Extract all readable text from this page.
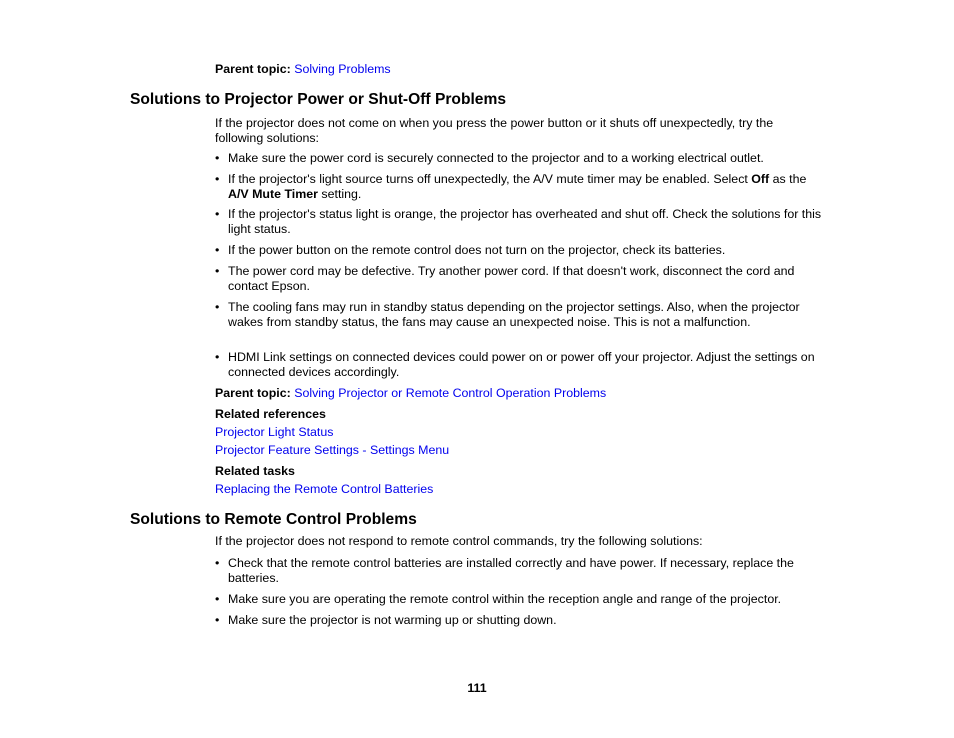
Parent topic: Solving Problems
Solutions to Projector Power or Shut-Off Problems

If the projector does not come on when you press the power button or it shuts off unexpectedly, try the following solutions:

• Make sure the power cord is securely connected to the projector and to a working electrical outlet.
• If the projector's light source turns off unexpectedly, the A/V mute timer may be enabled. Select Off as the A/V Mute Timer setting.
• If the projector's status light is orange, the projector has overheated and shut off. Check the solutions for this light status.
• If the power button on the remote control does not turn on the projector, check its batteries.
• The power cord may be defective. Try another power cord. If that doesn't work, disconnect the cord and contact Epson.
• The cooling fans may run in standby status depending on the projector settings. Also, when the projector wakes from standby status, the fans may cause an unexpected noise. This is not a malfunction.
• HDMI Link settings on connected devices could power on or power off your projector. Adjust the settings on connected devices accordingly.
Parent topic: Solving Projector or Remote Control Operation Problems
Related references
Projector Light Status
Projector Feature Settings - Settings Menu
Related tasks
Replacing the Remote Control Batteries
Solutions to Remote Control Problems

If the projector does not respond to remote control commands, try the following solutions:

• Check that the remote control batteries are installed correctly and have power. If necessary, replace the batteries.
• Make sure you are operating the remote control within the reception angle and range of the projector.
• Make sure the projector is not warming up or shutting down.
111
